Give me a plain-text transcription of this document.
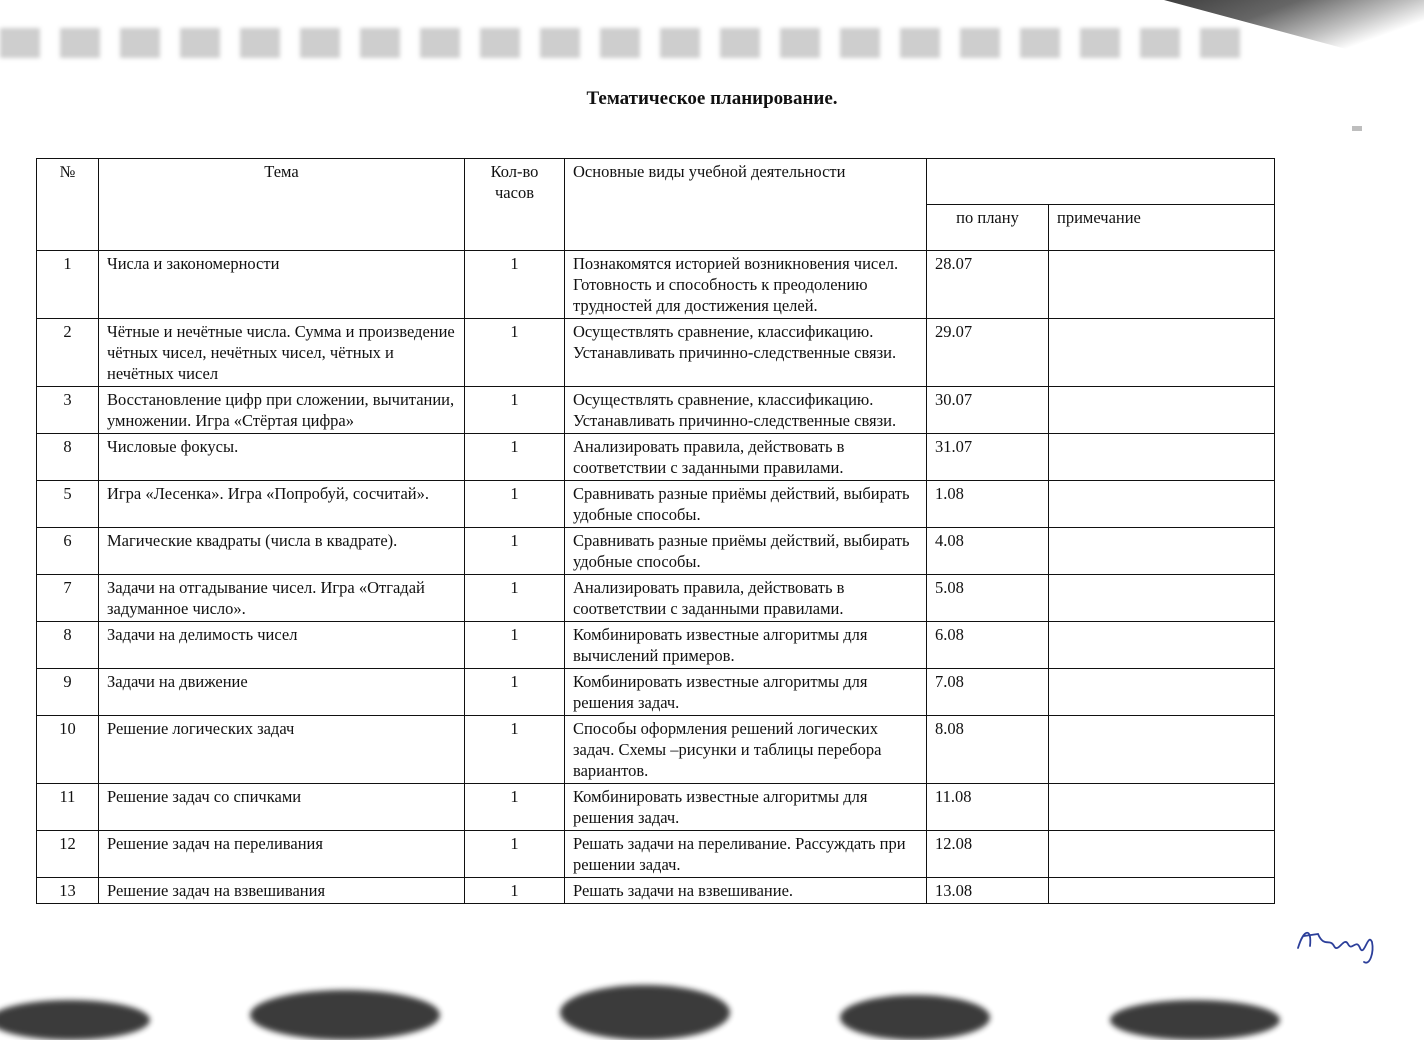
Тематическое планирование.
№	Тема	Кол-во часов	Основные виды учебной деятельности		
				по плану	примечание
1	Числа и закономерности	1	Познакомятся историей возникновения чисел. Готовность и способность к преодолению трудностей для достижения целей.	28.07	
2	Чётные и нечётные числа. Сумма и произведение чётных чисел, нечётных чисел, чётных и нечётных чисел	1	Осуществлять сравнение, классификацию. Устанавливать причинно-следственные связи.	29.07	
3	Восстановление цифр при сложении, вычитании, умножении. Игра «Стёртая цифра»	1	Осуществлять сравнение, классификацию. Устанавливать причинно-следственные связи.	30.07	
8	Числовые фокусы.	1	Анализировать правила, действовать в соответствии с заданными правилами.	31.07	
5	Игра «Лесенка». Игра «Попробуй, сосчитай».	1	Сравнивать разные приёмы действий, выбирать удобные способы.	1.08	
6	Магические квадраты (числа в квадрате).	1	Сравнивать разные приёмы действий, выбирать удобные способы.	4.08	
7	Задачи на отгадывание чисел. Игра «Отгадай задуманное число».	1	Анализировать правила, действовать в соответствии с заданными правилами.	5.08	
8	Задачи на делимость чисел	1	Комбинировать известные алгоритмы для вычислений примеров.	6.08	
9	Задачи на движение	1	Комбинировать известные алгоритмы для решения задач.	7.08	
10	Решение логических задач	1	Способы оформления решений логических задач. Схемы –рисунки и таблицы перебора вариантов.	8.08	
11	Решение задач со спичками	1	Комбинировать известные алгоритмы для решения задач.	11.08	
12	Решение задач на переливания	1	Решать задачи на переливание. Рассуждать при решении задач.	12.08	
13	Решение задач на взвешивания	1	Решать задачи на взвешивание.	13.08	
